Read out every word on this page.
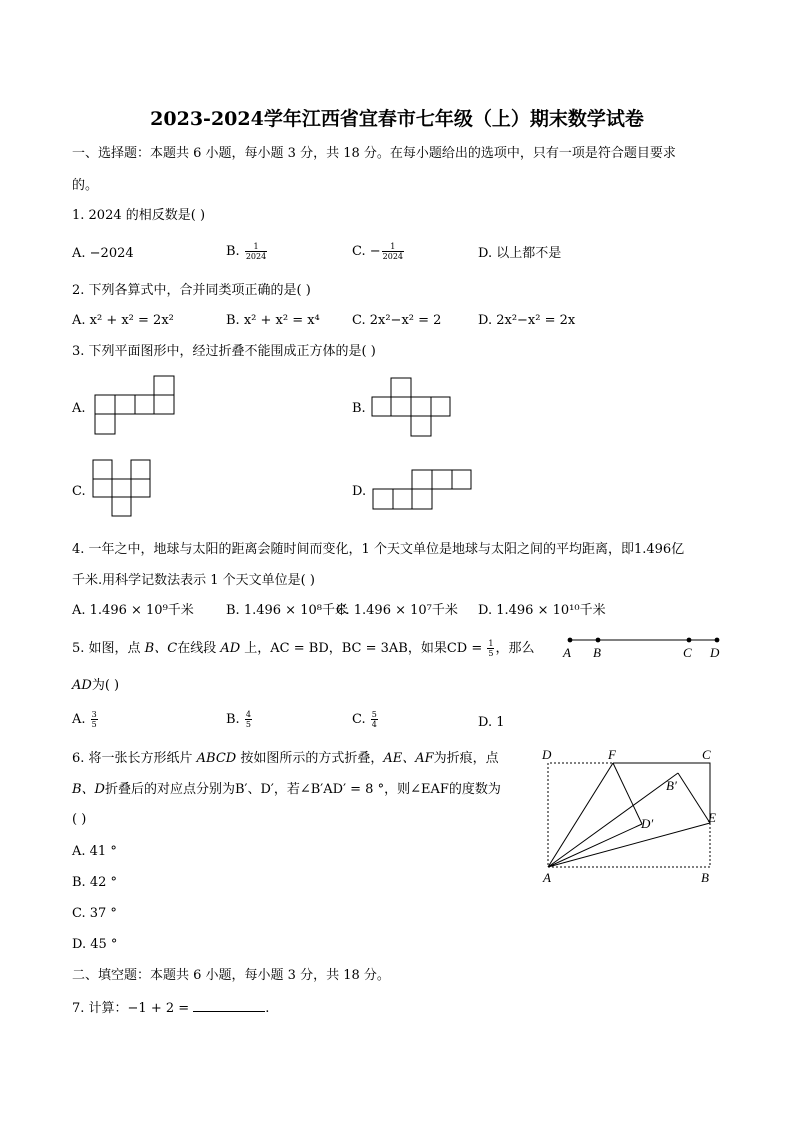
2023-2024学年江西省宜春市七年级（上）期末数学试卷
一、选择题：本题共 6 小题，每小题 3 分，共 18 分。在每小题给出的选项中，只有一项是符合题目要求
的。
1. 2024 的相反数是( )
A. −2024	B. $\frac{1}{2024}$	C. − $\frac{1}{2024}$	D. 以上都不是
2. 下列各算式中，合并同类项正确的是( )
A. x² + x² = 2x²	B. x² + x² = x⁴ C. 2x²−x² = 2	D. 2x²−x² = 2x
3. 下列平面图形中，经过折叠不能围成正方体的是( )
A.	B.
C.	D.
4. 一年之中，地球与太阳的距离会随时间而变化，1 个天文单位是地球与太阳之间的平均距离，即1.496亿
千米.用科学记数法表示 1 个天文单位是( )
A. 1.496 × 10⁹千米 B. 1.496 × 10⁸千米
C. 1.496 × 10⁷千米 D. 1.496 × 10¹⁰千米
5. 如图，点 B、C在线段 AD 上，AC = BD，BC = 3AB，如果CD = $\frac{1}{5}$ ，那么 A B	C D
AD为( )
A. $\frac{3}{5}$	B. $\frac{4}{5}$	C. $\frac{5}{4}$	D. 1
6. 将一张长方形纸片 ABCD 按如图所示的方式折叠，AE、AF为折痕，点
B、D折叠后的对应点分别为B′、D′，若∠B′AD′ = 8 °，则∠EAF的度数为
( )
A. 41 °
B. 42 °
C. 37 °
D. 45 °
D	F	C
B′
D′	E
A	B
二、填空题：本题共 6 小题，每小题 3 分，共 18 分。
7. 计算：−1 + 2 =	.
